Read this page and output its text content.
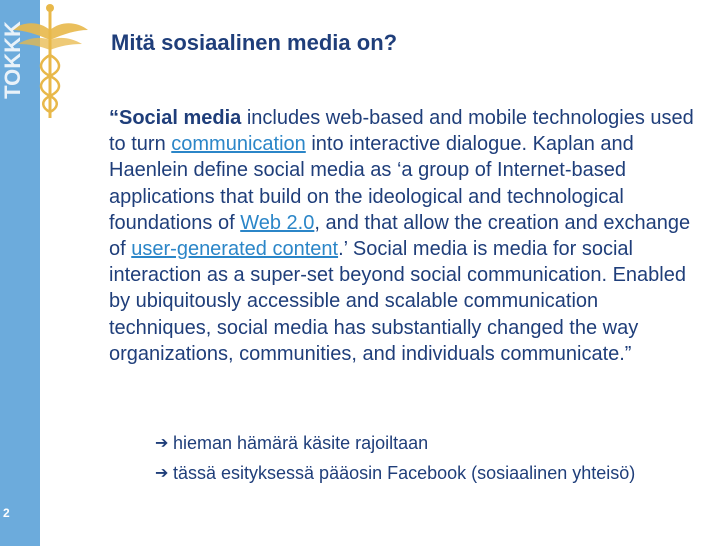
TOKKK	Mitä sosiaalinen media on?
“Social media includes web-based and mobile technologies used to turn communication into interactive dialogue. Kaplan and Haenlein define social media as ‘a group of Internet-based applications that build on the ideological and technological foundations of Web 2.0, and that allow the creation and exchange of user-generated content.’ Social media is media for social interaction as a super-set beyond social communication. Enabled by ubiquitously accessible and scalable communication techniques, social media has substantially changed the way organizations, communities, and individuals communicate.”
➔ hieman hämärä käsite rajoiltaan
➔ tässä esityksessä pääosin Facebook (sosiaalinen yhteisö)
2
